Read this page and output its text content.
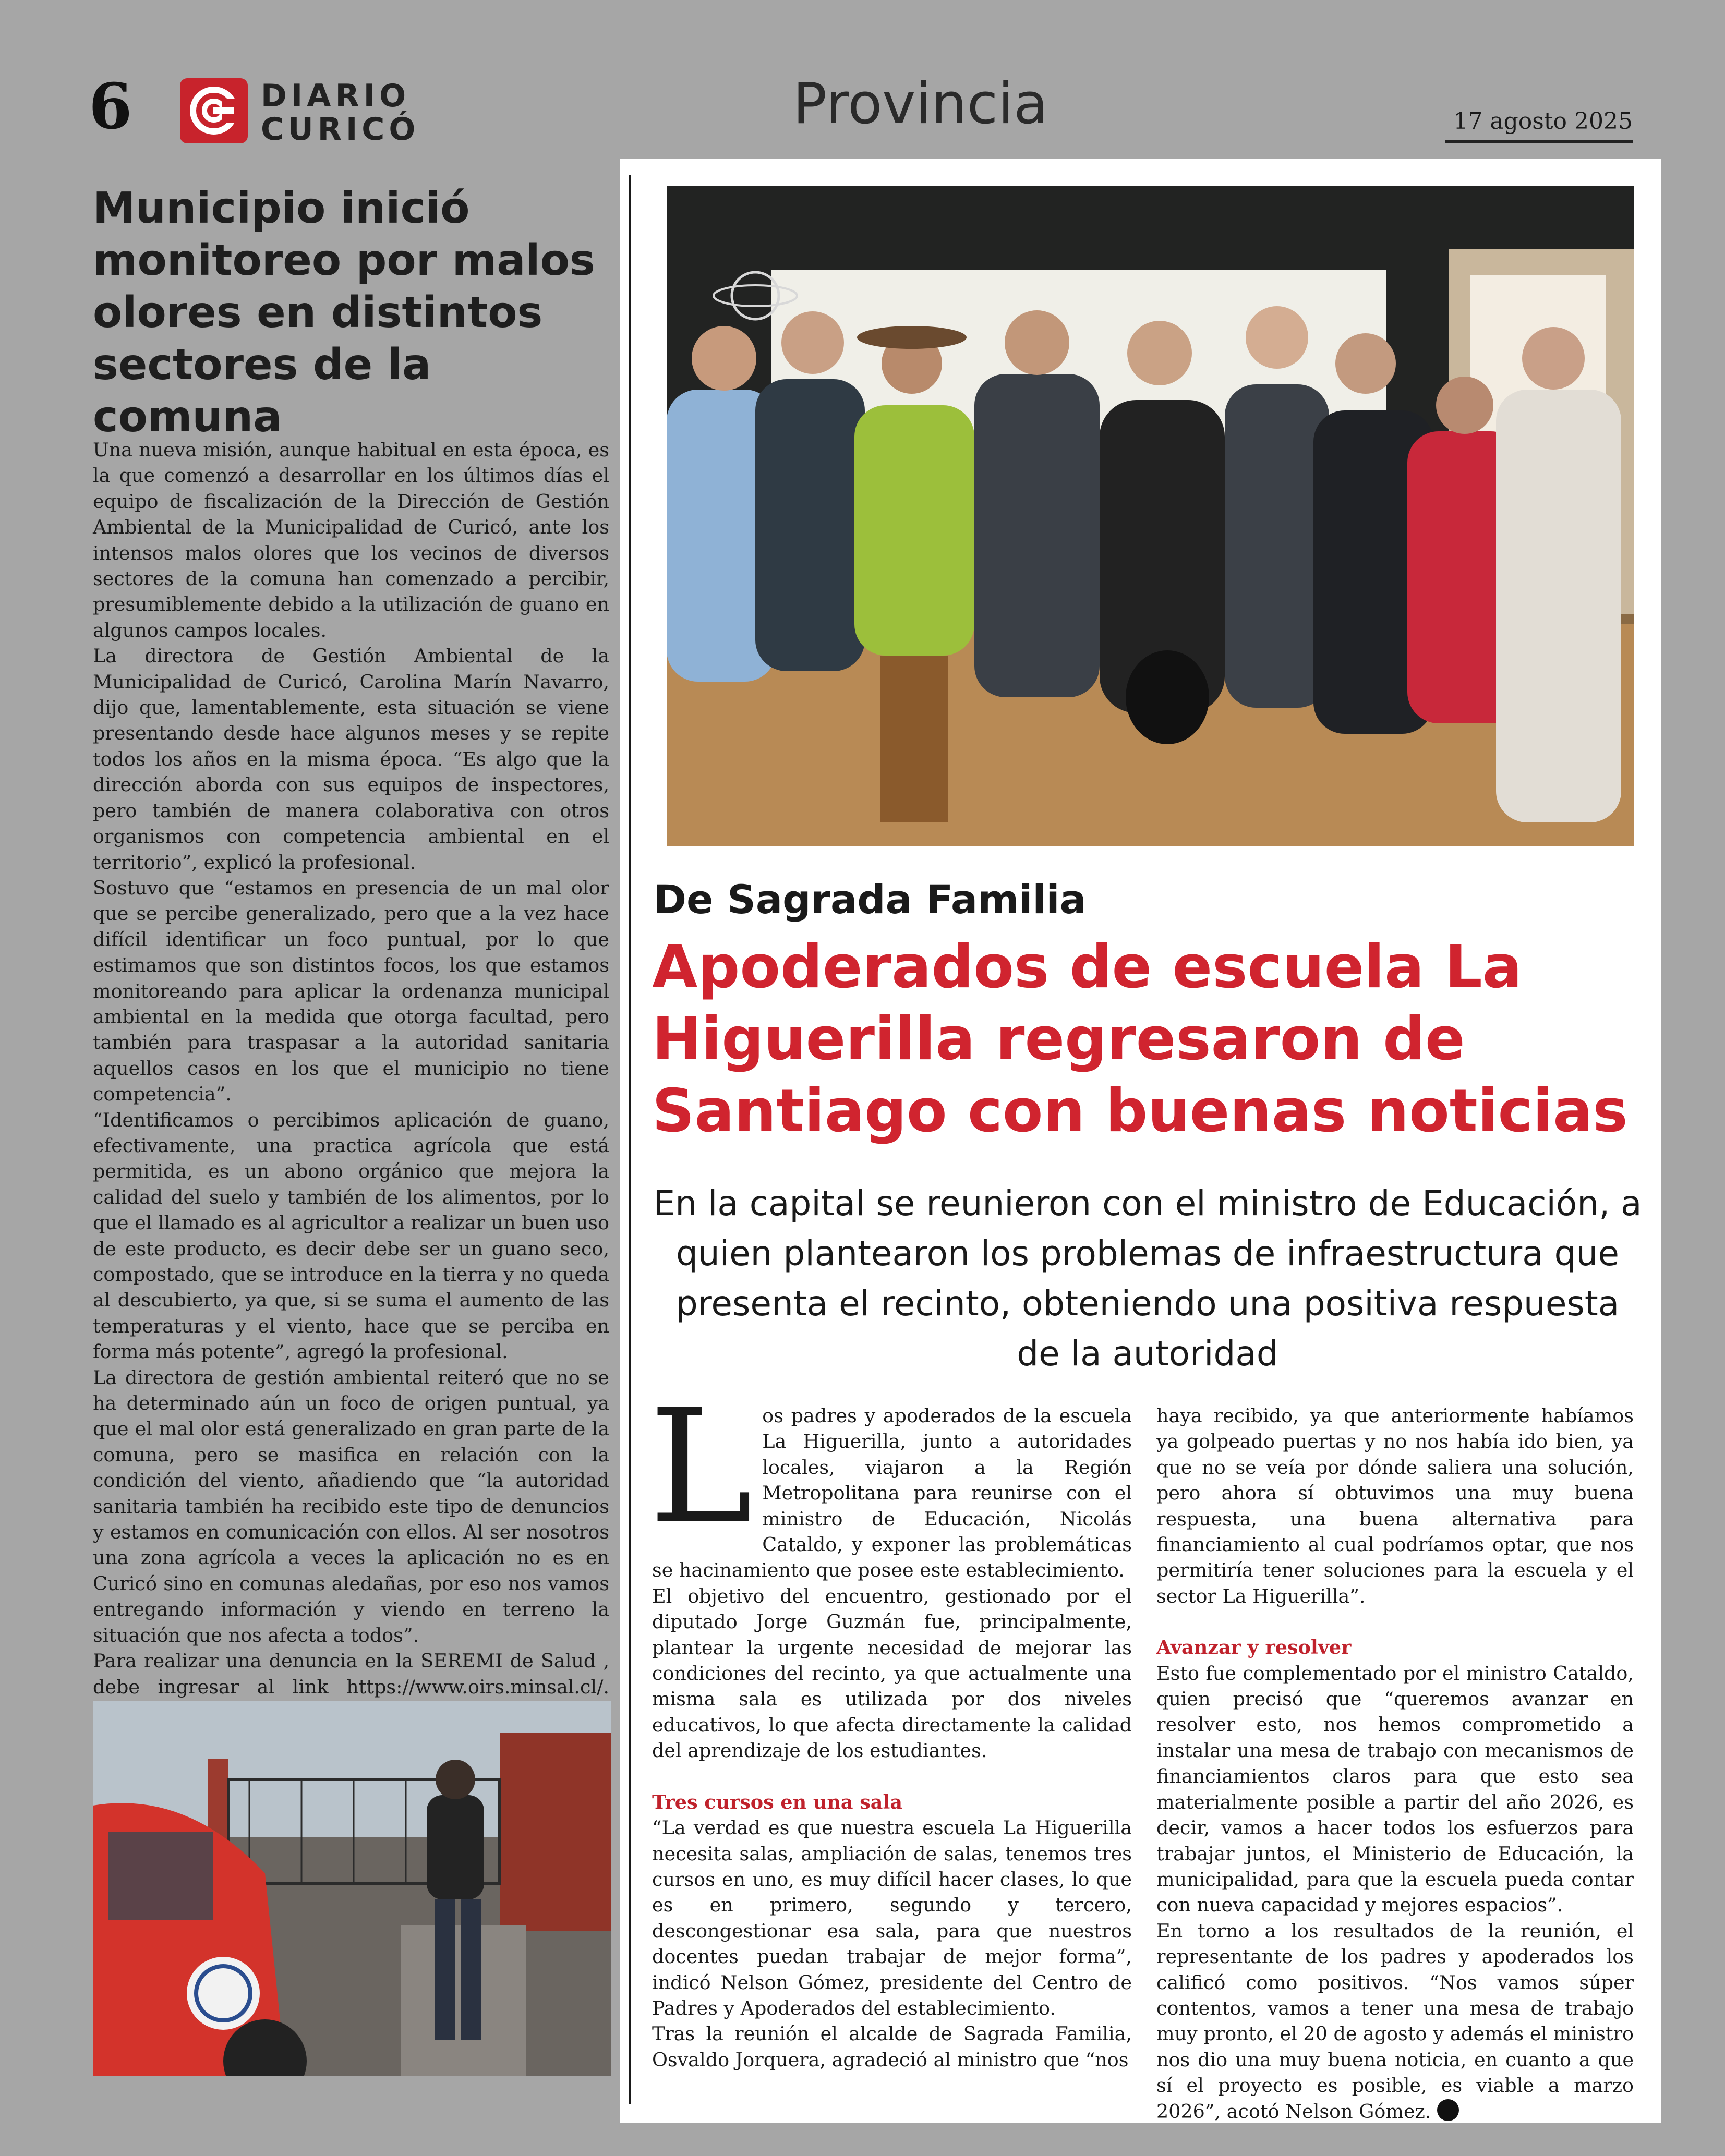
6	DIARIO
CURICÓ	Provincia	17 agosto 2025
Municipio inició monitoreo por malos olores en distintos sectores de la comuna

Una nueva misión, aunque habitual en esta época, es la que comenzó a desarrollar en los últimos días el equipo de fiscalización de la Dirección de Gestión Ambiental de la Municipalidad de Curicó, ante los intensos malos olores que los vecinos de diversos sectores de la comuna han comenzado a percibir, presumiblemente debido a la utilización de guano en algunos campos locales.

La directora de Gestión Ambiental de la Municipalidad de Curicó, Carolina Marín Navarro, dijo que, lamentablemente, esta situación se viene presentando desde hace algunos meses y se repite todos los años en la misma época. “Es algo que la dirección aborda con sus equipos de inspectores, pero también de manera colaborativa con otros organismos con competencia ambiental en el territorio”, explicó la profesional.

Sostuvo que “estamos en presencia de un mal olor que se percibe generalizado, pero que a la vez hace difícil identificar un foco puntual, por lo que estimamos que son distintos focos, los que estamos monitoreando para aplicar la ordenanza municipal ambiental en la medida que otorga facultad, pero también para traspasar a la autoridad sanitaria aquellos casos en los que el municipio no tiene competencia”.

“Identificamos o percibimos aplicación de guano, efectivamente, una practica agrícola que está permitida, es un abono orgánico que mejora la calidad del suelo y también de los alimentos, por lo que el llamado es al agricultor a realizar un buen uso de este producto, es decir debe ser un guano seco, compostado, que se introduce en la tierra y no queda al descubierto, ya que, si se suma el aumento de las temperaturas y el viento, hace que se perciba en forma más potente”, agregó la profesional.

La directora de gestión ambiental reiteró que no se ha determinado aún un foco de origen puntual, ya que el mal olor está generalizado en gran parte de la comuna, pero se masifica en relación con la condición del viento, añadiendo que “la autoridad sanitaria también ha recibido este tipo de denuncios y estamos en comunicación con ellos. Al ser nosotros una zona agrícola a veces la aplicación no es en Curicó sino en comunas aledañas, por eso nos vamos entregando información y viendo en terreno la situación que nos afecta a todos”.

Para realizar una denuncia en la SEREMI de Salud , debe ingresar al link https://www.oirs.minsal.cl/.

De Sagrada Familia
Apoderados de escuela La Higuerilla regresaron de Santiago con buenas noticias
En la capital se reunieron con el ministro de Educación, a quien plantearon los problemas de infraestructura que presenta el recinto, obteniendo una positiva respuesta de la autoridad

Los padres y apoderados de la escuela La Higuerilla, junto a autoridades locales, viajaron a la Región Metropolitana para reunirse con el ministro de Educación, Nicolás Cataldo, y exponer las problemáticas se hacinamiento que posee este establecimiento.

El objetivo del encuentro, gestionado por el diputado Jorge Guzmán fue, principalmente, plantear la urgente necesidad de mejorar las condiciones del recinto, ya que actualmente una misma sala es utilizada por dos niveles educativos, lo que afecta directamente la calidad del aprendizaje de los estudiantes.

Tres cursos en una sala

“La verdad es que nuestra escuela La Higuerilla necesita salas, ampliación de salas, tenemos tres cursos en uno, es muy difícil hacer clases, lo que es en primero, segundo y tercero, descongestionar esa sala, para que nuestros docentes puedan trabajar de mejor forma”, indicó Nelson Gómez, presidente del Centro de Padres y Apoderados del establecimiento.

Tras la reunión el alcalde de Sagrada Familia, Osvaldo Jorquera, agradeció al ministro que “nos

haya recibido, ya que anteriormente habíamos ya golpeado puertas y no nos había ido bien, ya que no se veía por dónde saliera una solución, pero ahora sí obtuvimos una muy buena respuesta, una buena alternativa para financiamiento al cual podríamos optar, que nos permitiría tener soluciones para la escuela y el sector La Higuerilla”.

Avanzar y resolver

Esto fue complementado por el ministro Cataldo, quien precisó que “queremos avanzar en resolver esto, nos hemos comprometido a instalar una mesa de trabajo con mecanismos de financiamientos claros para que esto sea materialmente posible a partir del año 2026, es decir, vamos a hacer todos los esfuerzos para trabajar juntos, el Ministerio de Educación, la municipalidad, para que la escuela pueda contar con nueva capacidad y mejores espacios”.

En torno a los resultados de la reunión, el representante de los padres y apoderados los calificó como positivos. “Nos vamos súper contentos, vamos a tener una mesa de trabajo muy pronto, el 20 de agosto y además el ministro nos dio una muy buena noticia, en cuanto a que sí el proyecto es posible, es viable a marzo 2026”, acotó Nelson Gómez.
